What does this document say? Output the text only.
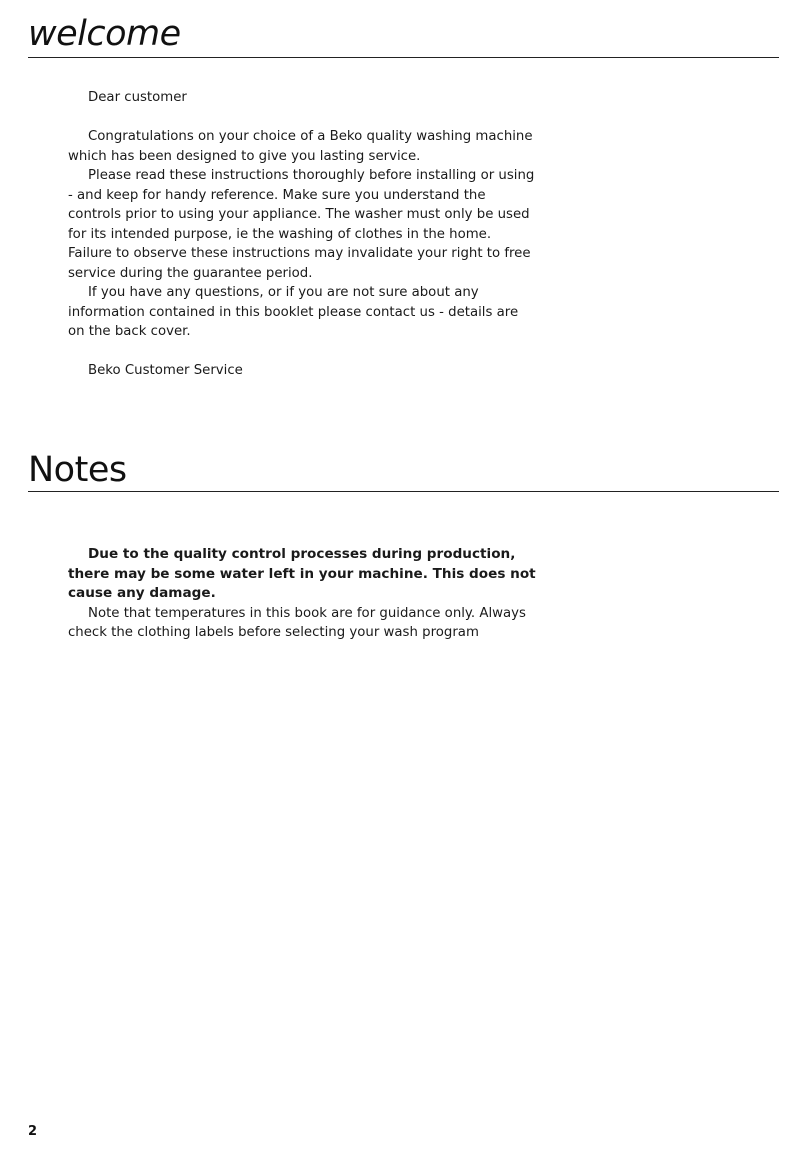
welcome
Dear customer
Congratulations on your choice of a Beko quality washing machine
which has been designed to give you lasting service.
Please read these instructions thoroughly before installing or using
- and keep for handy reference. Make sure you understand the
controls prior to using your appliance. The washer must only be used
for its intended purpose, ie the washing of clothes in the home.
Failure to observe these instructions may invalidate your right to free
service during the guarantee period.
If you have any questions, or if you are not sure about any
information contained in this booklet please contact us - details are
on the back cover.
Beko Customer Service
Notes
Due to the quality control processes during production,
there may be some water left in your machine. This does not
cause any damage.
Note that temperatures in this book are for guidance only. Always
check the clothing labels before selecting your wash program
2
